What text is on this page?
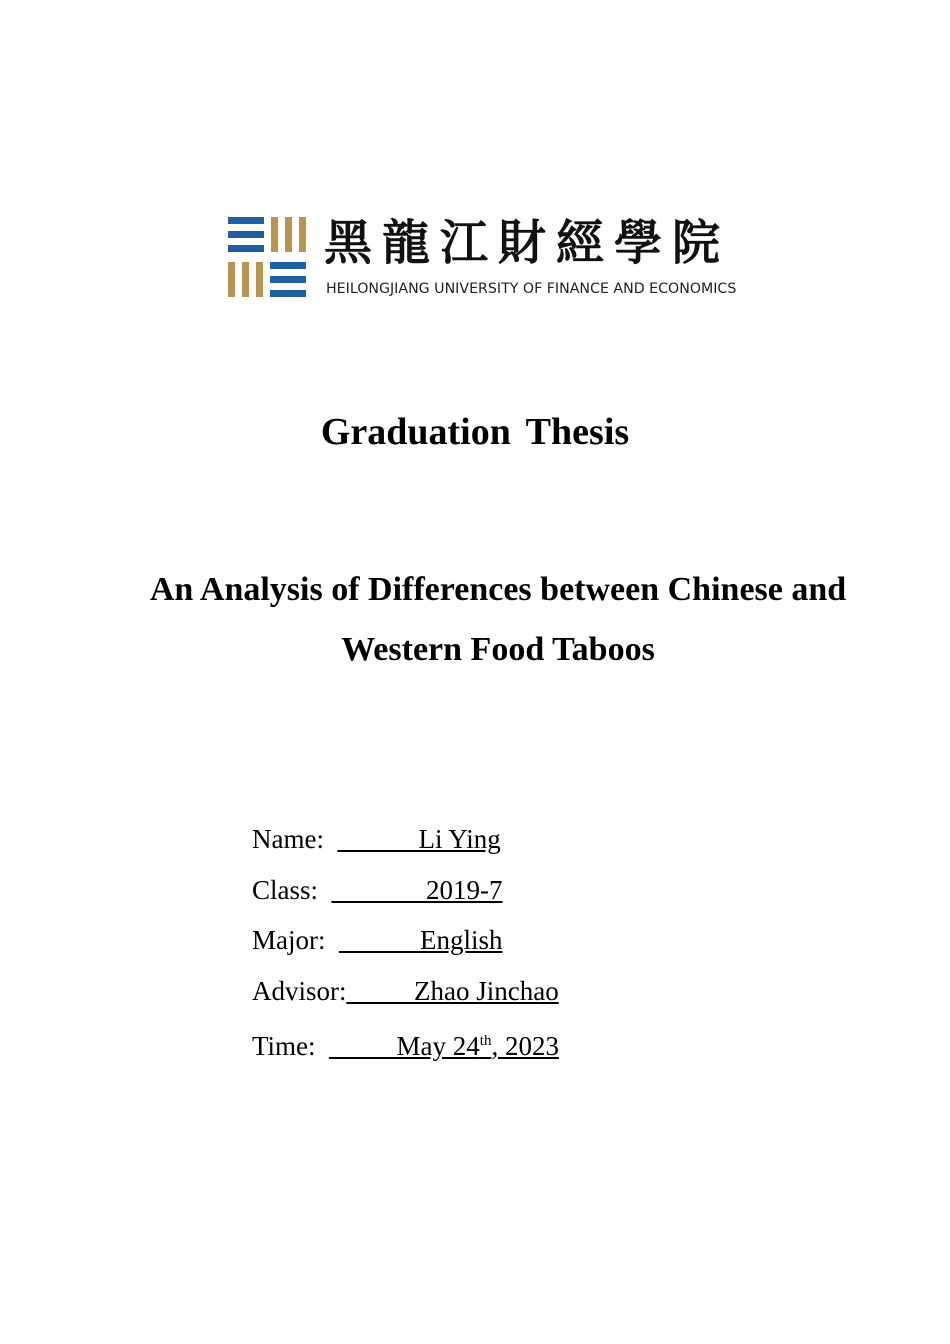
黑龍江財經學院
HEILONGJIANG UNIVERSITY OF FINANCE AND ECONOMICS
Graduation Thesis
An Analysis of Differences between Chinese and
Western Food Taboos
Name:  ______Li Ying
Class:  _______2019-7
Major:  ______English
Advisor:_____Zhao Jinchao
Time:  _____May 24th, 2023
